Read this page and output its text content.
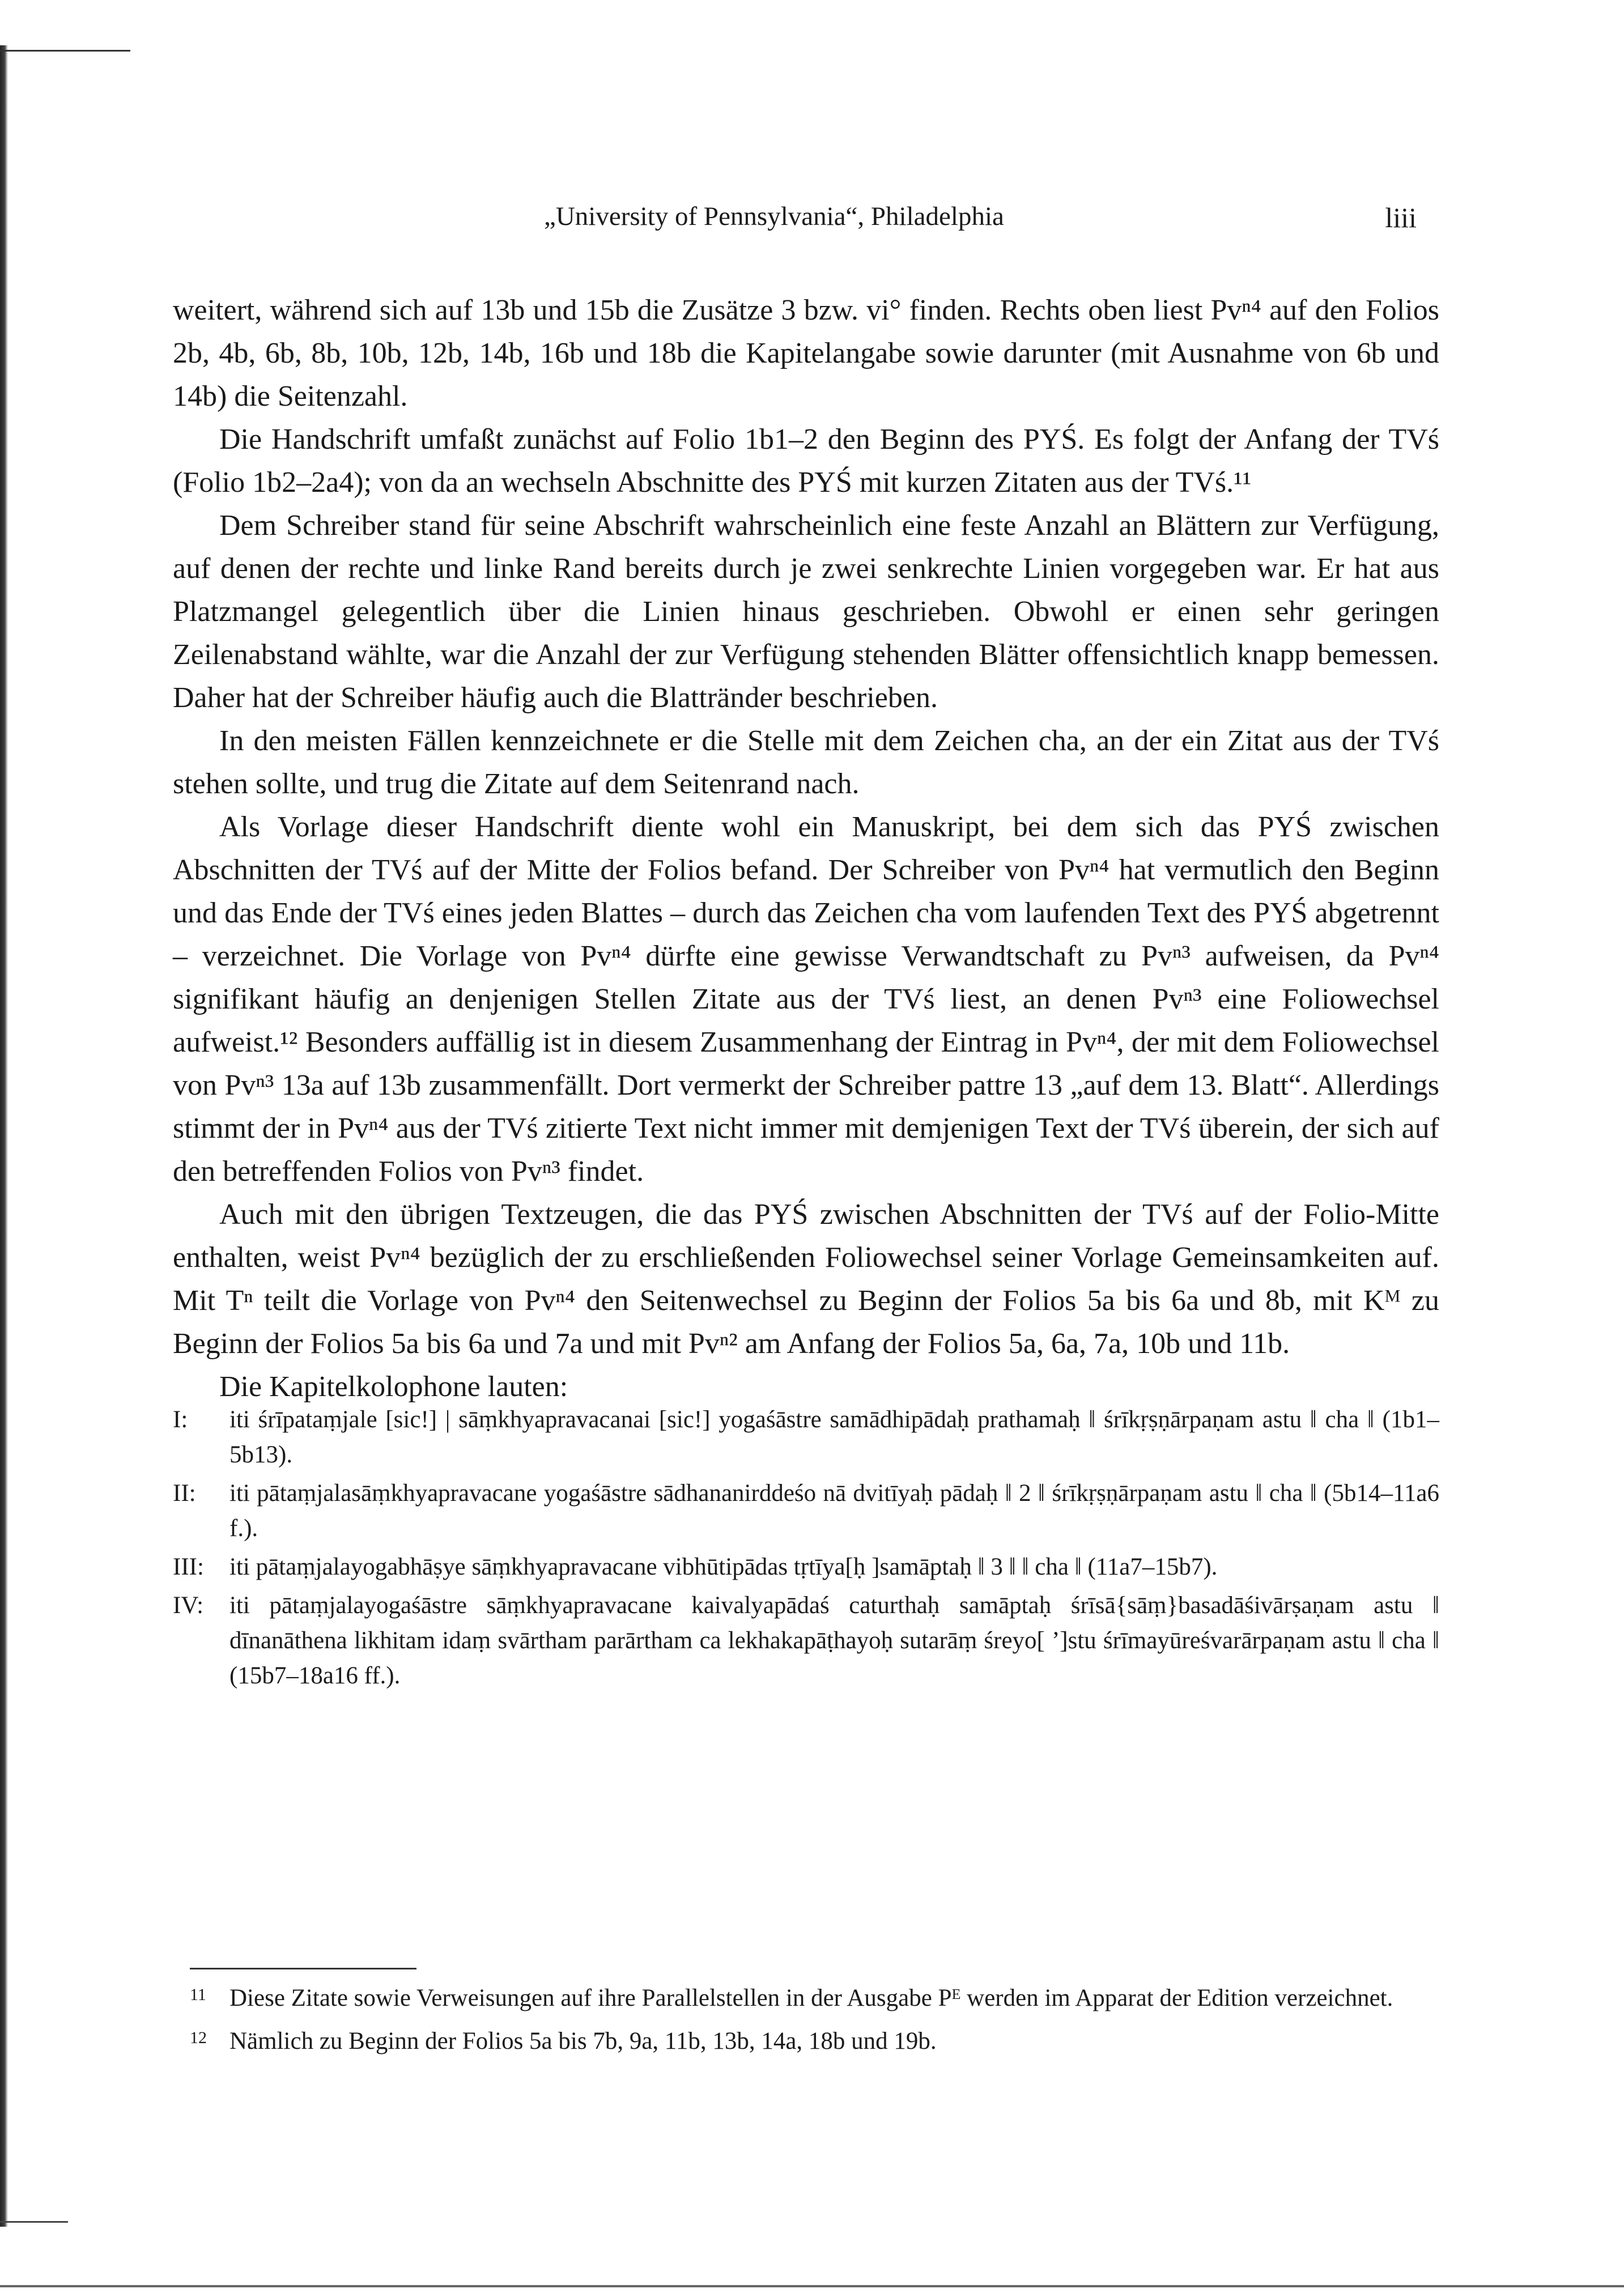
„University of Pennsylvania“, Philadelphia	liii

weitert, während sich auf 13b und 15b die Zusätze 3 bzw. vi° finden. Rechts oben liest Pvⁿ⁴ auf den Folios 2b, 4b, 6b, 8b, 10b, 12b, 14b, 16b und 18b die Kapitelangabe sowie darunter (mit Ausnahme von 6b und 14b) die Seitenzahl.

Die Handschrift umfaßt zunächst auf Folio 1b1–2 den Beginn des PYŚ. Es folgt der Anfang der TVś (Folio 1b2–2a4); von da an wechseln Abschnitte des PYŚ mit kurzen Zitaten aus der TVś.¹¹

Dem Schreiber stand für seine Abschrift wahrscheinlich eine feste Anzahl an Blättern zur Verfügung, auf denen der rechte und linke Rand bereits durch je zwei senkrechte Linien vorgegeben war. Er hat aus Platzmangel gelegentlich über die Linien hinaus geschrieben. Obwohl er einen sehr geringen Zeilenabstand wählte, war die Anzahl der zur Verfügung stehenden Blätter offensichtlich knapp bemessen. Daher hat der Schreiber häufig auch die Blattränder beschrieben.

In den meisten Fällen kennzeichnete er die Stelle mit dem Zeichen cha, an der ein Zitat aus der TVś stehen sollte, und trug die Zitate auf dem Seitenrand nach.

Als Vorlage dieser Handschrift diente wohl ein Manuskript, bei dem sich das PYŚ zwischen Abschnitten der TVś auf der Mitte der Folios befand. Der Schreiber von Pvⁿ⁴ hat vermutlich den Beginn und das Ende der TVś eines jeden Blattes – durch das Zeichen cha vom laufenden Text des PYŚ abgetrennt – verzeichnet. Die Vorlage von Pvⁿ⁴ dürfte eine gewisse Verwandtschaft zu Pvⁿ³ aufweisen, da Pvⁿ⁴ signifikant häufig an denjenigen Stellen Zitate aus der TVś liest, an denen Pvⁿ³ eine Foliowechsel aufweist.¹² Besonders auffällig ist in diesem Zusammenhang der Eintrag in Pvⁿ⁴, der mit dem Foliowechsel von Pvⁿ³ 13a auf 13b zusammenfällt. Dort vermerkt der Schreiber pattre 13 „auf dem 13. Blatt“. Allerdings stimmt der in Pvⁿ⁴ aus der TVś zitierte Text nicht immer mit demjenigen Text der TVś überein, der sich auf den betreffenden Folios von Pvⁿ³ findet.

Auch mit den übrigen Textzeugen, die das PYŚ zwischen Abschnitten der TVś auf der Folio-Mitte enthalten, weist Pvⁿ⁴ bezüglich der zu erschließenden Foliowechsel seiner Vorlage Gemeinsamkeiten auf. Mit Tⁿ teilt die Vorlage von Pvⁿ⁴ den Seitenwechsel zu Beginn der Folios 5a bis 6a und 8b, mit Kᴹ zu Beginn der Folios 5a bis 6a und 7a und mit Pvⁿ² am Anfang der Folios 5a, 6a, 7a, 10b und 11b.

Die Kapitelkolophone lauten:

I:	iti śrīpataṃjale [sic!] | sāṃkhyapravacanai [sic!] yogaśāstre samādhipādaḥ prathamaḥ ‖ śrīkṛṣṇārpaṇam astu ‖ cha ‖ (1b1–5b13).
II:	iti pātaṃjalasāṃkhyapravacane yogaśāstre sādhananirddeśo nā dvitīyaḥ pādaḥ ‖ 2 ‖ śrīkṛṣṇārpaṇam astu ‖ cha ‖ (5b14–11a6 f.).
III:	iti pātaṃjalayogabhāṣye sāṃkhyapravacane vibhūtipādas tṛtīya[ḥ ]samāptaḥ ‖ 3 ‖ ‖ cha ‖ (11a7–15b7).
IV:	iti pātaṃjalayogaśāstre sāṃkhyapravacane kaivalyapādaś caturthaḥ samāptaḥ śrīsā{sāṃ}basadāśivārṣaṇam astu ‖ dīnanāthena likhitam idaṃ svārtham parārtham ca lekhakapāṭhayoḥ sutarāṃ śreyo[ ’]stu śrīmayūreśvarārpaṇam astu ‖ cha ‖ (15b7–18a16 ff.).
11 Diese Zitate sowie Verweisungen auf ihre Parallelstellen in der Ausgabe Pᴱ werden im Apparat der Edition verzeichnet.
12 Nämlich zu Beginn der Folios 5a bis 7b, 9a, 11b, 13b, 14a, 18b und 19b.
